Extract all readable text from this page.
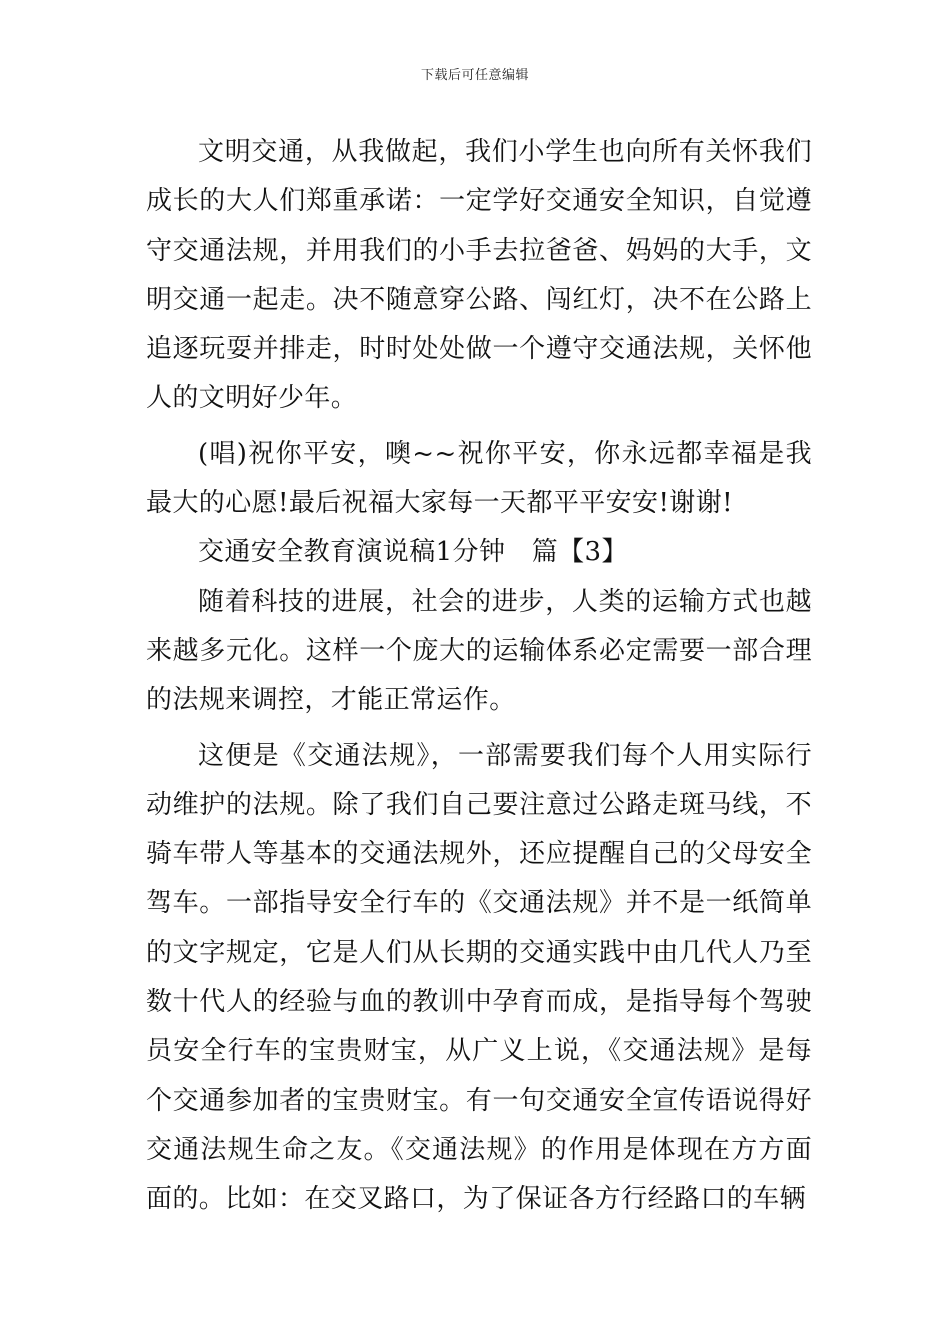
下载后可任意编辑

文明交通，从我做起，我们小学生也向所有关怀我们成长的大人们郑重承诺：一定学好交通安全知识，自觉遵守交通法规，并用我们的小手去拉爸爸、妈妈的大手，文明交通一起走。决不随意穿公路、闯红灯，决不在公路上追逐玩耍并排走，时时处处做一个遵守交通法规，关怀他人的文明好少年。

(唱)祝你平安，噢~~祝你平安，你永远都幸福是我最大的心愿!最后祝福大家每一天都平平安安!谢谢!

交通安全教育演说稿1分钟　篇【3】

随着科技的进展，社会的进步，人类的运输方式也越来越多元化。这样一个庞大的运输体系必定需要一部合理的法规来调控，才能正常运作。

这便是《交通法规》，一部需要我们每个人用实际行动维护的法规。除了我们自己要注意过公路走斑马线，不骑车带人等基本的交通法规外，还应提醒自己的父母安全驾车。一部指导安全行车的《交通法规》并不是一纸简单的文字规定，它是人们从长期的交通实践中由几代人乃至数十代人的经验与血的教训中孕育而成，是指导每个驾驶员安全行车的宝贵财宝，从广义上说，《交通法规》是每个交通参加者的宝贵财宝。有一句交通安全宣传语说得好交通法规生命之友。《交通法规》的作用是体现在方方面面的。比如：在交叉路口，为了保证各方行经路口的车辆
